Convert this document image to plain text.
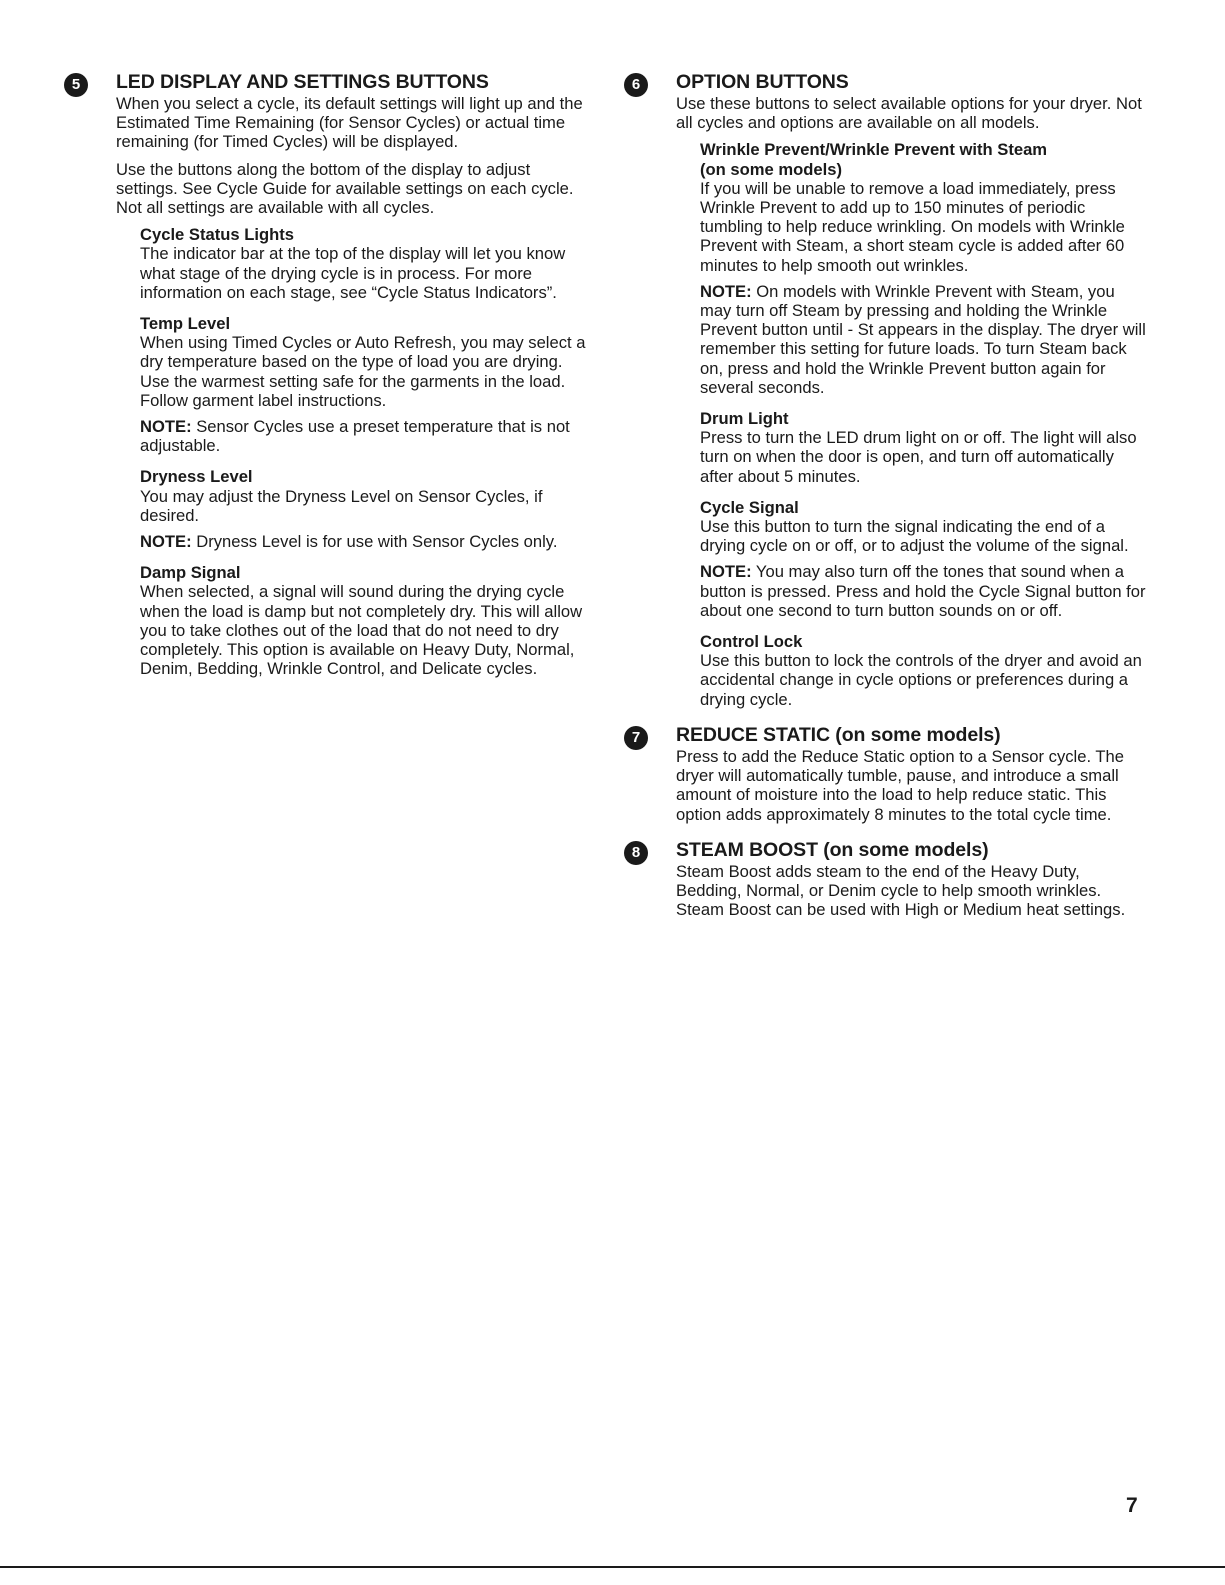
5	LED DISPLAY AND SETTINGS BUTTONS

When you select a cycle, its default settings will light up and the Estimated Time Remaining (for Sensor Cycles) or actual time remaining (for Timed Cycles) will be displayed.

Use the buttons along the bottom of the display to adjust settings. See Cycle Guide for available settings on each cycle. Not all settings are available with all cycles.

Cycle Status Lights

The indicator bar at the top of the display will let you know what stage of the drying cycle is in process. For more information on each stage, see “Cycle Status Indicators”.

Temp Level

When using Timed Cycles or Auto Refresh, you may select a dry temperature based on the type of load you are drying. Use the warmest setting safe for the garments in the load. Follow garment label instructions.

NOTE: Sensor Cycles use a preset temperature that is not adjustable.

Dryness Level

You may adjust the Dryness Level on Sensor Cycles, if desired.

NOTE: Dryness Level is for use with Sensor Cycles only.

Damp Signal

When selected, a signal will sound during the drying cycle when the load is damp but not completely dry. This will allow you to take clothes out of the load that do not need to dry completely. This option is available on Heavy Duty, Normal, Denim, Bedding, Wrinkle Control, and Delicate cycles.

6	OPTION BUTTONS

Use these buttons to select available options for your dryer. Not all cycles and options are available on all models.

Wrinkle Prevent/Wrinkle Prevent with Steam

(on some models)

If you will be unable to remove a load immediately, press Wrinkle Prevent to add up to 150 minutes of periodic tumbling to help reduce wrinkling. On models with Wrinkle Prevent with Steam, a short steam cycle is added after 60 minutes to help smooth out wrinkles.

NOTE: On models with Wrinkle Prevent with Steam, you may turn off Steam by pressing and holding the Wrinkle Prevent button until - St appears in the display. The dryer will remember this setting for future loads. To turn Steam back on, press and hold the Wrinkle Prevent button again for several seconds.

Drum Light

Press to turn the LED drum light on or off. The light will also turn on when the door is open, and turn off automatically after about 5 minutes.

Cycle Signal

Use this button to turn the signal indicating the end of a drying cycle on or off, or to adjust the volume of the signal.

NOTE: You may also turn off the tones that sound when a button is pressed. Press and hold the Cycle Signal button for about one second to turn button sounds on or off.

Control Lock

Use this button to lock the controls of the dryer and avoid an accidental change in cycle options or preferences during a drying cycle.

7	REDUCE STATIC (on some models)

Press to add the Reduce Static option to a Sensor cycle. The dryer will automatically tumble, pause, and introduce a small amount of moisture into the load to help reduce static. This option adds approximately 8 minutes to the total cycle time.

8	STEAM BOOST (on some models)

Steam Boost adds steam to the end of the Heavy Duty, Bedding, Normal, or Denim cycle to help smooth wrinkles. Steam Boost can be used with High or Medium heat settings.

7
